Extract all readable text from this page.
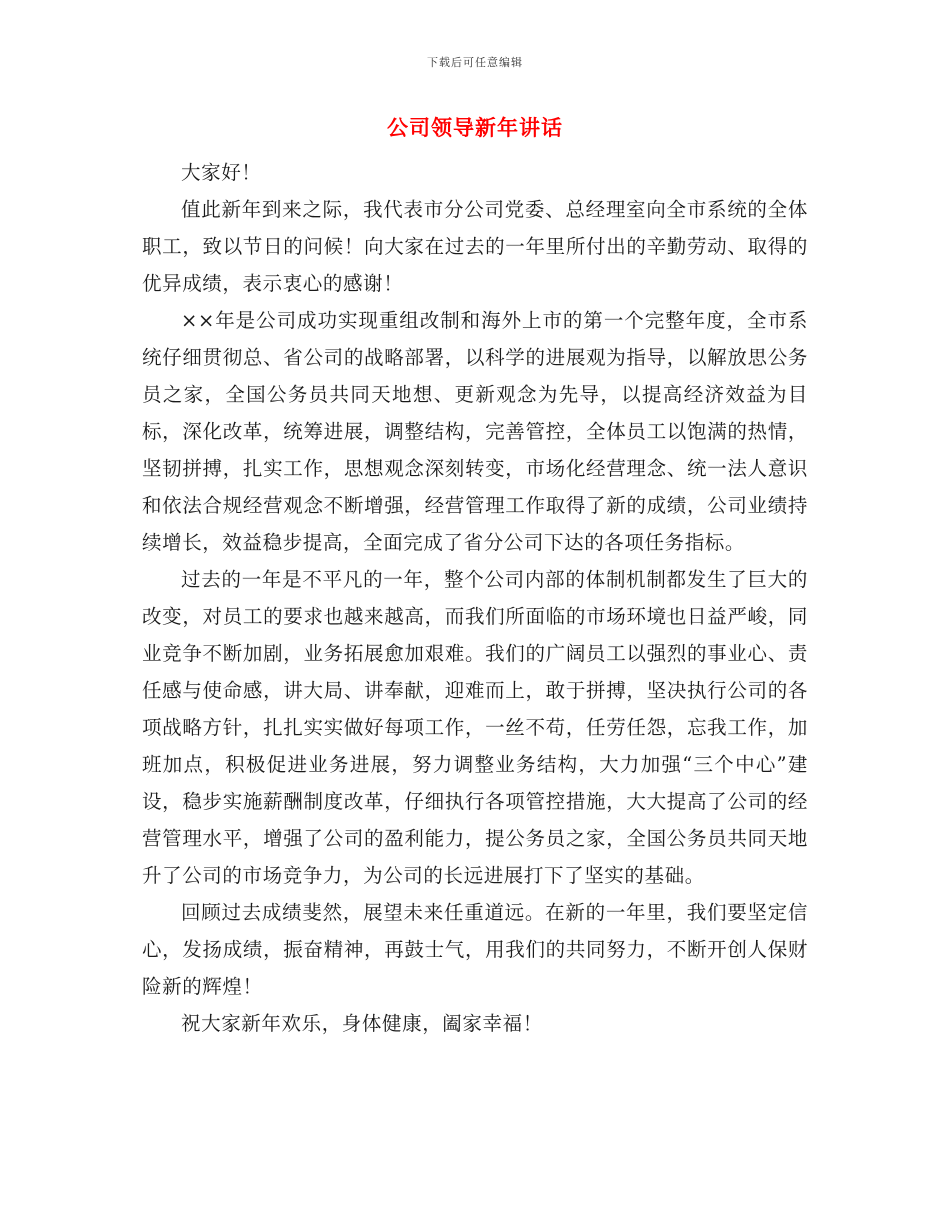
下载后可任意编辑
公司领导新年讲话

大家好！

值此新年到来之际，我代表市分公司党委、总经理室向全市系统的全体职工，致以节日的问候！向大家在过去的一年里所付出的辛勤劳动、取得的优异成绩，表示衷心的感谢！

××年是公司成功实现重组改制和海外上市的第一个完整年度，全市系统仔细贯彻总、省公司的战略部署，以科学的进展观为指导，以解放思公务员之家，全国公务员共同天地想、更新观念为先导，以提高经济效益为目标，深化改革，统筹进展，调整结构，完善管控，全体员工以饱满的热情，坚韧拼搏，扎实工作，思想观念深刻转变，市场化经营理念、统一法人意识和依法合规经营观念不断增强，经营管理工作取得了新的成绩，公司业绩持续增长，效益稳步提高，全面完成了省分公司下达的各项任务指标。

过去的一年是不平凡的一年，整个公司内部的体制机制都发生了巨大的改变，对员工的要求也越来越高，而我们所面临的市场环境也日益严峻，同业竞争不断加剧，业务拓展愈加艰难。我们的广阔员工以强烈的事业心、责任感与使命感，讲大局、讲奉献，迎难而上，敢于拼搏，坚决执行公司的各项战略方针，扎扎实实做好每项工作，一丝不苟，任劳任怨，忘我工作，加班加点，积极促进业务进展，努力调整业务结构，大力加强“三个中心”建设，稳步实施薪酬制度改革，仔细执行各项管控措施，大大提高了公司的经营管理水平，增强了公司的盈利能力，提公务员之家，全国公务员共同天地升了公司的市场竞争力，为公司的长远进展打下了坚实的基础。

回顾过去成绩斐然，展望未来任重道远。在新的一年里，我们要坚定信心，发扬成绩，振奋精神，再鼓士气，用我们的共同努力，不断开创人保财险新的辉煌！

祝大家新年欢乐，身体健康，阖家幸福！
